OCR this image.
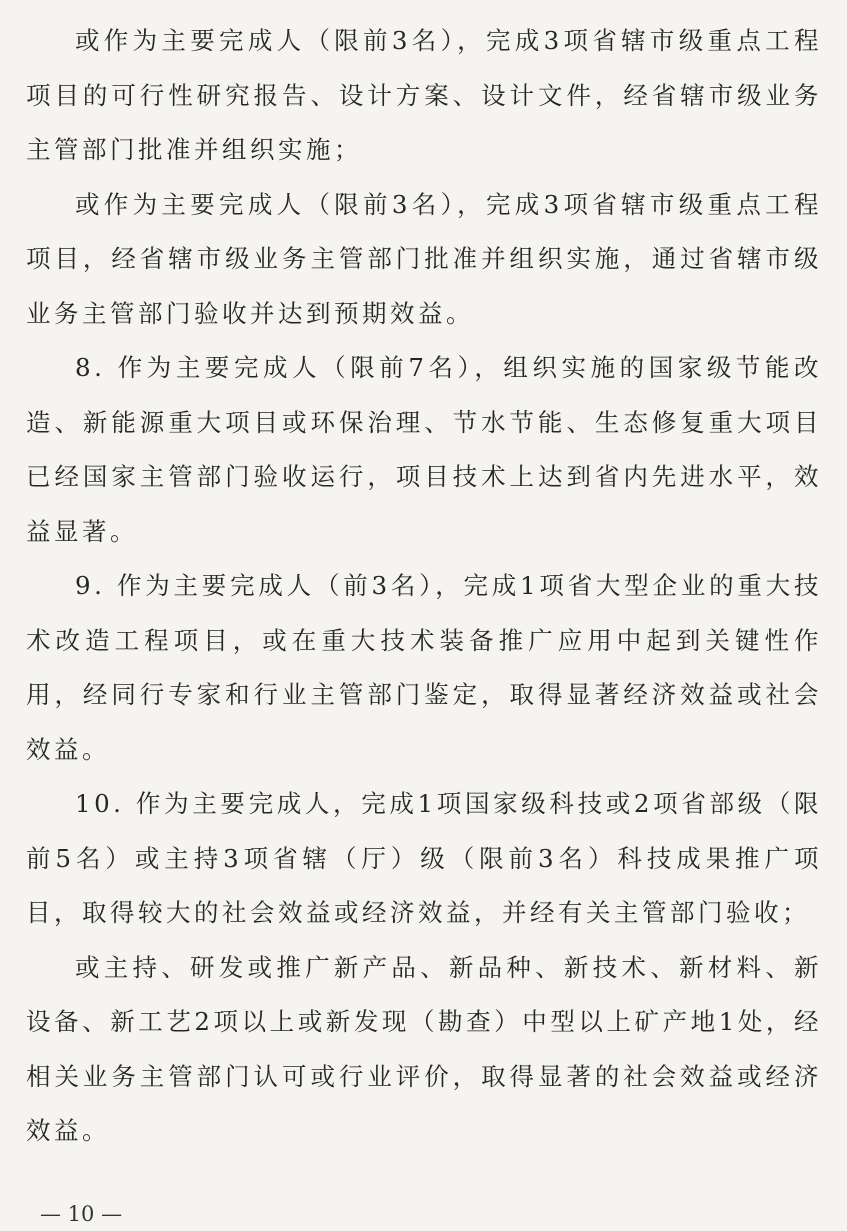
或作为主要完成人（限前3名），完成3项省辖市级重点工程项目的可行性研究报告、设计方案、设计文件，经省辖市级业务主管部门批准并组织实施；

或作为主要完成人（限前3名），完成3项省辖市级重点工程项目，经省辖市级业务主管部门批准并组织实施，通过省辖市级业务主管部门验收并达到预期效益。

8. 作为主要完成人（限前7名），组织实施的国家级节能改造、新能源重大项目或环保治理、节水节能、生态修复重大项目已经国家主管部门验收运行，项目技术上达到省内先进水平，效益显著。

9. 作为主要完成人（前3名），完成1项省大型企业的重大技术改造工程项目，或在重大技术装备推广应用中起到关键性作用，经同行专家和行业主管部门鉴定，取得显著经济效益或社会效益。

10. 作为主要完成人，完成1项国家级科技或2项省部级（限前5名）或主持3项省辖（厅）级（限前3名）科技成果推广项目，取得较大的社会效益或经济效益，并经有关主管部门验收；

或主持、研发或推广新产品、新品种、新技术、新材料、新设备、新工艺2项以上或新发现（勘查）中型以上矿产地1处，经相关业务主管部门认可或行业评价，取得显著的社会效益或经济效益。

— 10 —
